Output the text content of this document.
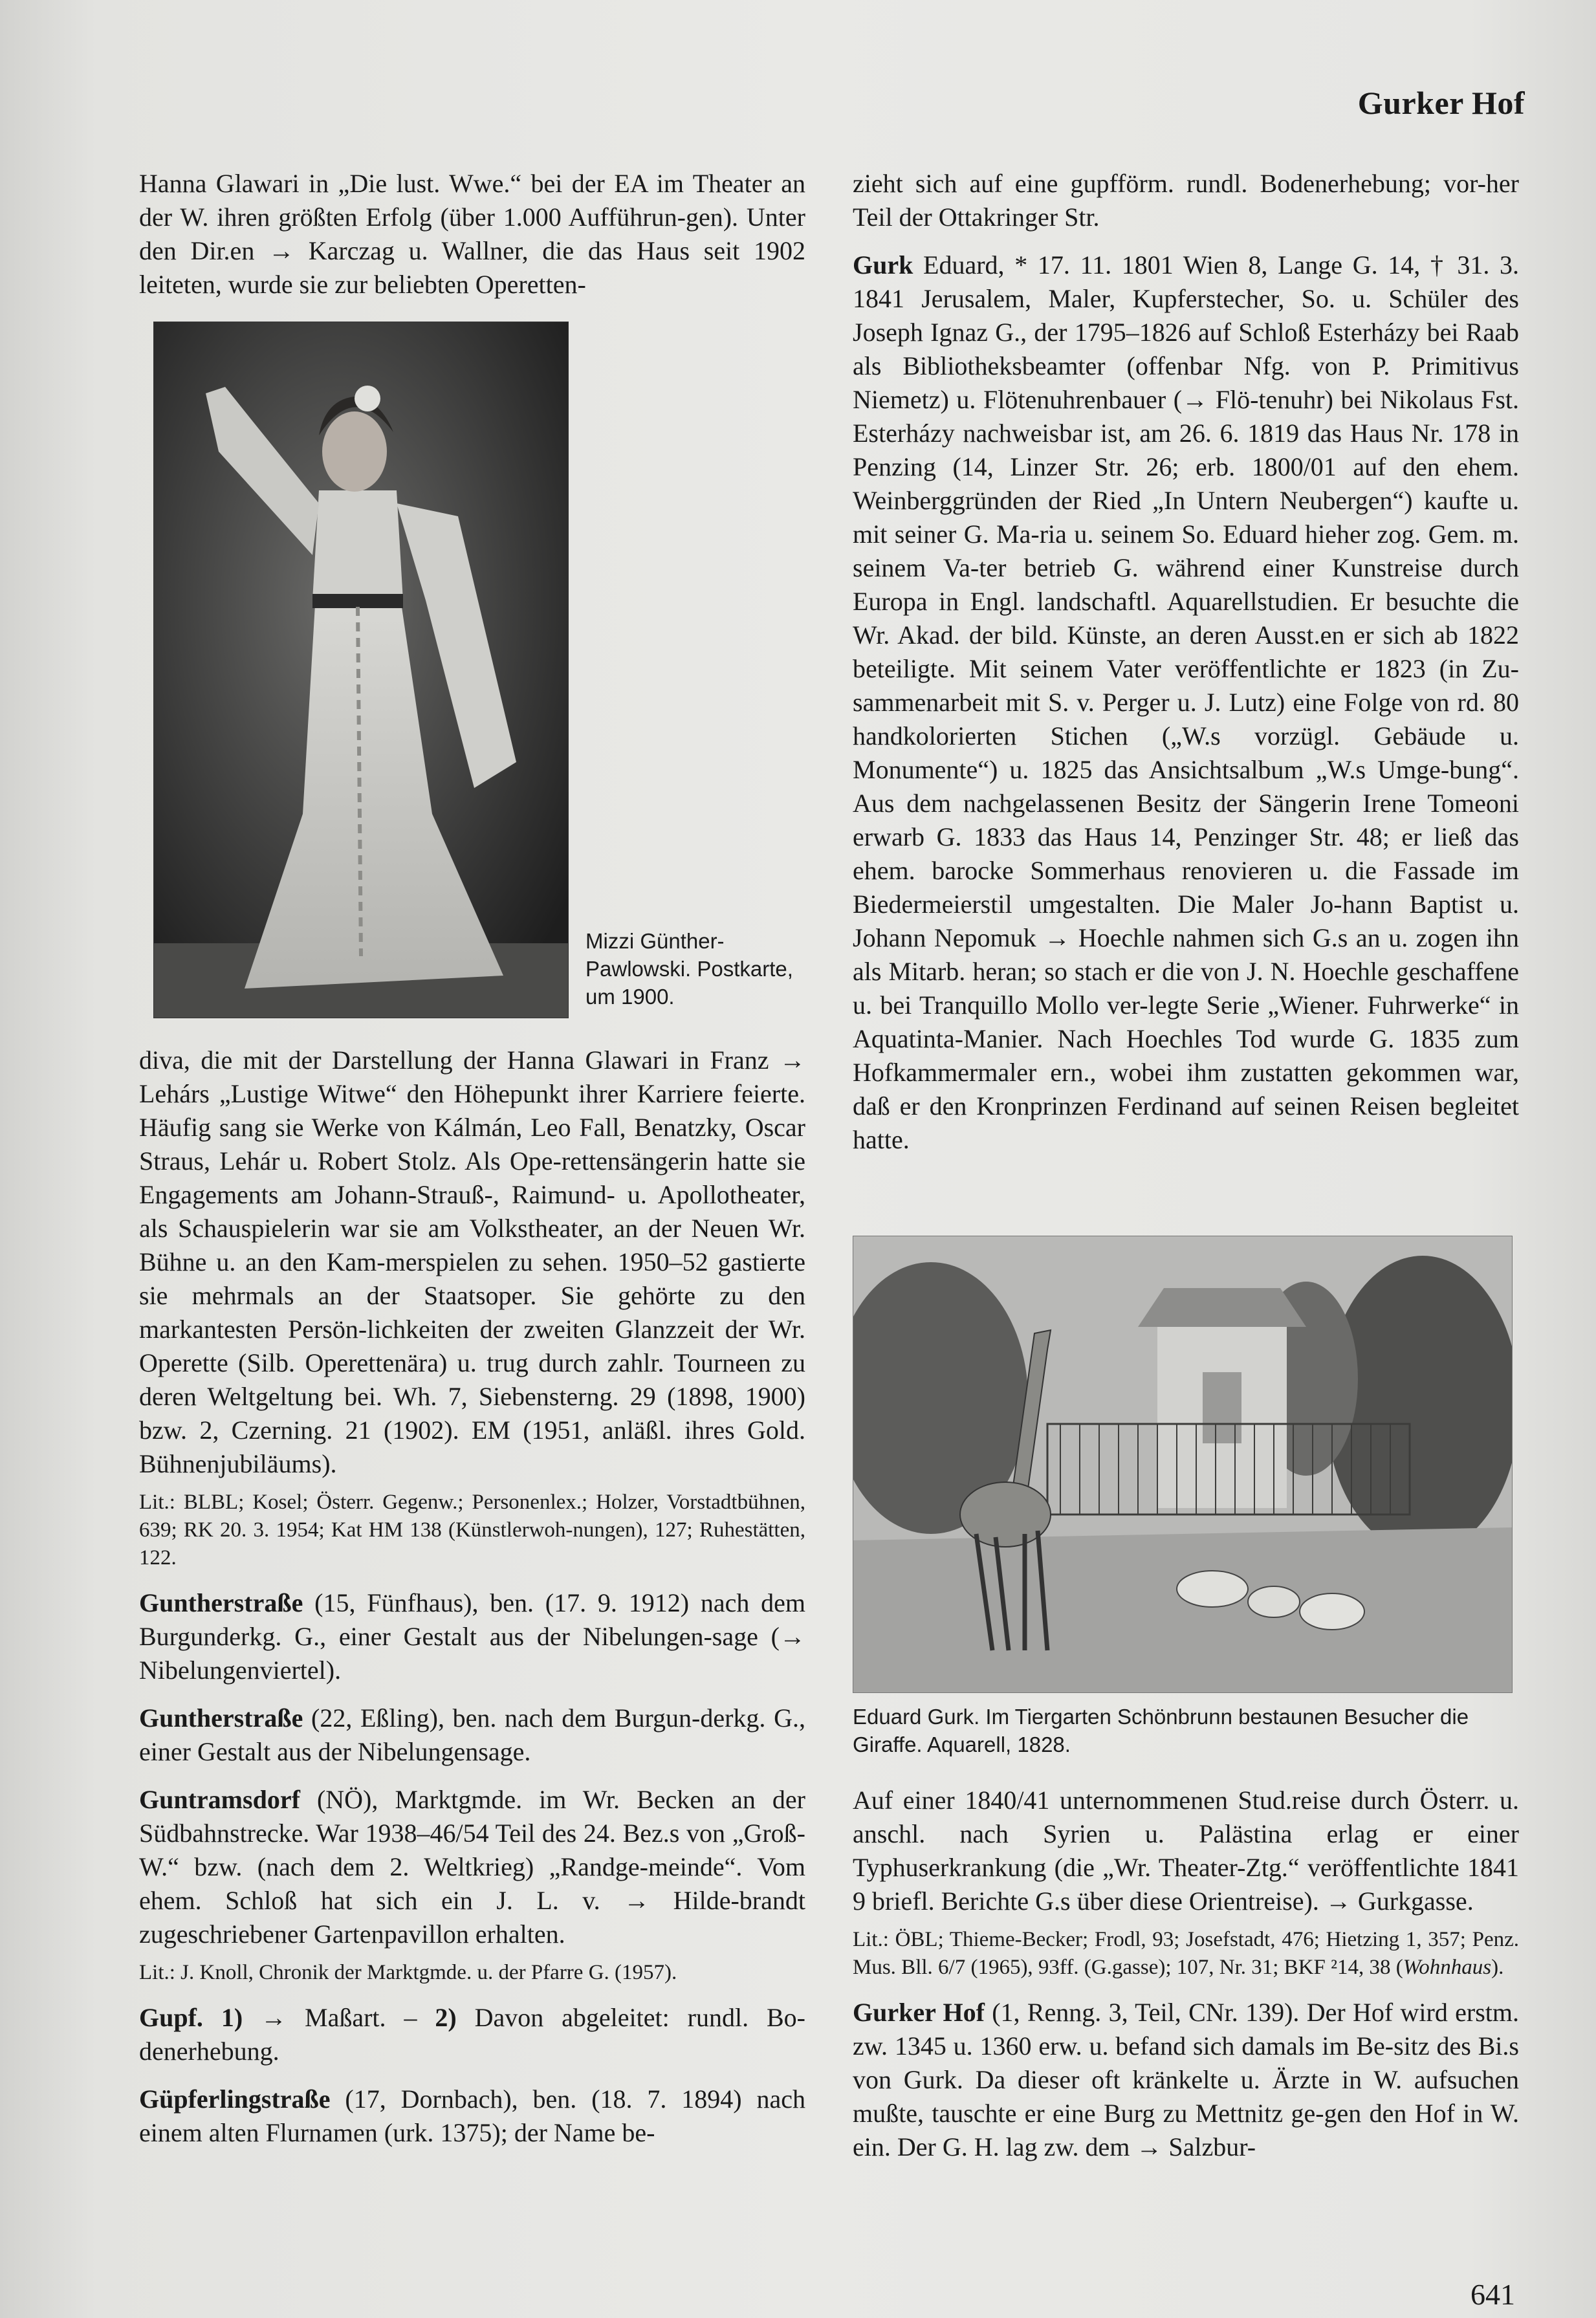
Gurker Hof

Hanna Glawari in „Die lust. Wwe.“ bei der EA im Theater an der W. ihren größten Erfolg (über 1.000 Aufführun-gen). Unter den Dir.en → Karczag u. Wallner, die das Haus seit 1902 leiteten, wurde sie zur beliebten Operetten-

Mizzi Günther-Pawlowski. Postkarte, um 1900.

diva, die mit der Darstellung der Hanna Glawari in Franz → Lehárs „Lustige Witwe“ den Höhepunkt ihrer Karriere feierte. Häufig sang sie Werke von Kálmán, Leo Fall, Benatzky, Oscar Straus, Lehár u. Robert Stolz. Als Ope-rettensängerin hatte sie Engagements am Johann-Strauß-, Raimund- u. Apollotheater, als Schauspielerin war sie am Volkstheater, an der Neuen Wr. Bühne u. an den Kam-merspielen zu sehen. 1950–52 gastierte sie mehrmals an der Staatsoper. Sie gehörte zu den markantesten Persön-lichkeiten der zweiten Glanzzeit der Wr. Operette (Silb. Operettenära) u. trug durch zahlr. Tourneen zu deren Weltgeltung bei. Wh. 7, Siebensterng. 29 (1898, 1900) bzw. 2, Czerning. 21 (1902). EM (1951, anläßl. ihres Gold. Bühnenjubiläums).

Lit.: BLBL; Kosel; Österr. Gegenw.; Personenlex.; Holzer, Vorstadtbühnen, 639; RK 20. 3. 1954; Kat HM 138 (Künstlerwoh-nungen), 127; Ruhestätten, 122.

Guntherstraße (15, Fünfhaus), ben. (17. 9. 1912) nach dem Burgunderkg. G., einer Gestalt aus der Nibelungen-sage (→ Nibelungenviertel).

Guntherstraße (22, Eßling), ben. nach dem Burgun-derkg. G., einer Gestalt aus der Nibelungensage.

Guntramsdorf (NÖ), Marktgmde. im Wr. Becken an der Südbahnstrecke. War 1938–46/54 Teil des 24. Bez.s von „Groß-W.“ bzw. (nach dem 2. Weltkrieg) „Randge-meinde“. Vom ehem. Schloß hat sich ein J. L. v. → Hilde-brandt zugeschriebener Gartenpavillon erhalten.

Lit.: J. Knoll, Chronik der Marktgmde. u. der Pfarre G. (1957).

Gupf. 1) → Maßart. – 2) Davon abgeleitet: rundl. Bo-denerhebung.

Güpferlingstraße (17, Dornbach), ben. (18. 7. 1894) nach einem alten Flurnamen (urk. 1375); der Name be-

zieht sich auf eine gupfförm. rundl. Bodenerhebung; vor-her Teil der Ottakringer Str.

Gurk Eduard, * 17. 11. 1801 Wien 8, Lange G. 14, † 31. 3. 1841 Jerusalem, Maler, Kupferstecher, So. u. Schüler des Joseph Ignaz G., der 1795–1826 auf Schloß Esterházy bei Raab als Bibliotheksbeamter (offenbar Nfg. von P. Primitivus Niemetz) u. Flötenuhrenbauer (→ Flö-tenuhr) bei Nikolaus Fst. Esterházy nachweisbar ist, am 26. 6. 1819 das Haus Nr. 178 in Penzing (14, Linzer Str. 26; erb. 1800/01 auf den ehem. Weinberggründen der Ried „In Untern Neubergen“) kaufte u. mit seiner G. Ma-ria u. seinem So. Eduard hieher zog. Gem. m. seinem Va-ter betrieb G. während einer Kunstreise durch Europa in Engl. landschaftl. Aquarellstudien. Er besuchte die Wr. Akad. der bild. Künste, an deren Ausst.en er sich ab 1822 beteiligte. Mit seinem Vater veröffentlichte er 1823 (in Zu-sammenarbeit mit S. v. Perger u. J. Lutz) eine Folge von rd. 80 handkolorierten Stichen („W.s vorzügl. Gebäude u. Monumente“) u. 1825 das Ansichtsalbum „W.s Umge-bung“. Aus dem nachgelassenen Besitz der Sängerin Irene Tomeoni erwarb G. 1833 das Haus 14, Penzinger Str. 48; er ließ das ehem. barocke Sommerhaus renovieren u. die Fassade im Biedermeierstil umgestalten. Die Maler Jo-hann Baptist u. Johann Nepomuk → Hoechle nahmen sich G.s an u. zogen ihn als Mitarb. heran; so stach er die von J. N. Hoechle geschaffene u. bei Tranquillo Mollo ver-legte Serie „Wiener. Fuhrwerke“ in Aquatinta-Manier. Nach Hoechles Tod wurde G. 1835 zum Hofkammermaler ern., wobei ihm zustatten gekommen war, daß er den Kronprinzen Ferdinand auf seinen Reisen begleitet hatte.

Eduard Gurk. Im Tiergarten Schönbrunn bestaunen Besucher die Giraffe. Aquarell, 1828.

Auf einer 1840/41 unternommenen Stud.reise durch Österr. u. anschl. nach Syrien u. Palästina erlag er einer Typhuserkrankung (die „Wr. Theater-Ztg.“ veröffentlichte 1841 9 briefl. Berichte G.s über diese Orientreise). → Gurkgasse.

Lit.: ÖBL; Thieme-Becker; Frodl, 93; Josefstadt, 476; Hietzing 1, 357; Penz. Mus. Bll. 6/7 (1965), 93ff. (G.gasse); 107, Nr. 31; BKF ²14, 38 (Wohnhaus).

Gurker Hof (1, Renng. 3, Teil, CNr. 139). Der Hof wird erstm. zw. 1345 u. 1360 erw. u. befand sich damals im Be-sitz des Bi.s von Gurk. Da dieser oft kränkelte u. Ärzte in W. aufsuchen mußte, tauschte er eine Burg zu Mettnitz ge-gen den Hof in W. ein. Der G. H. lag zw. dem → Salzbur-

641
